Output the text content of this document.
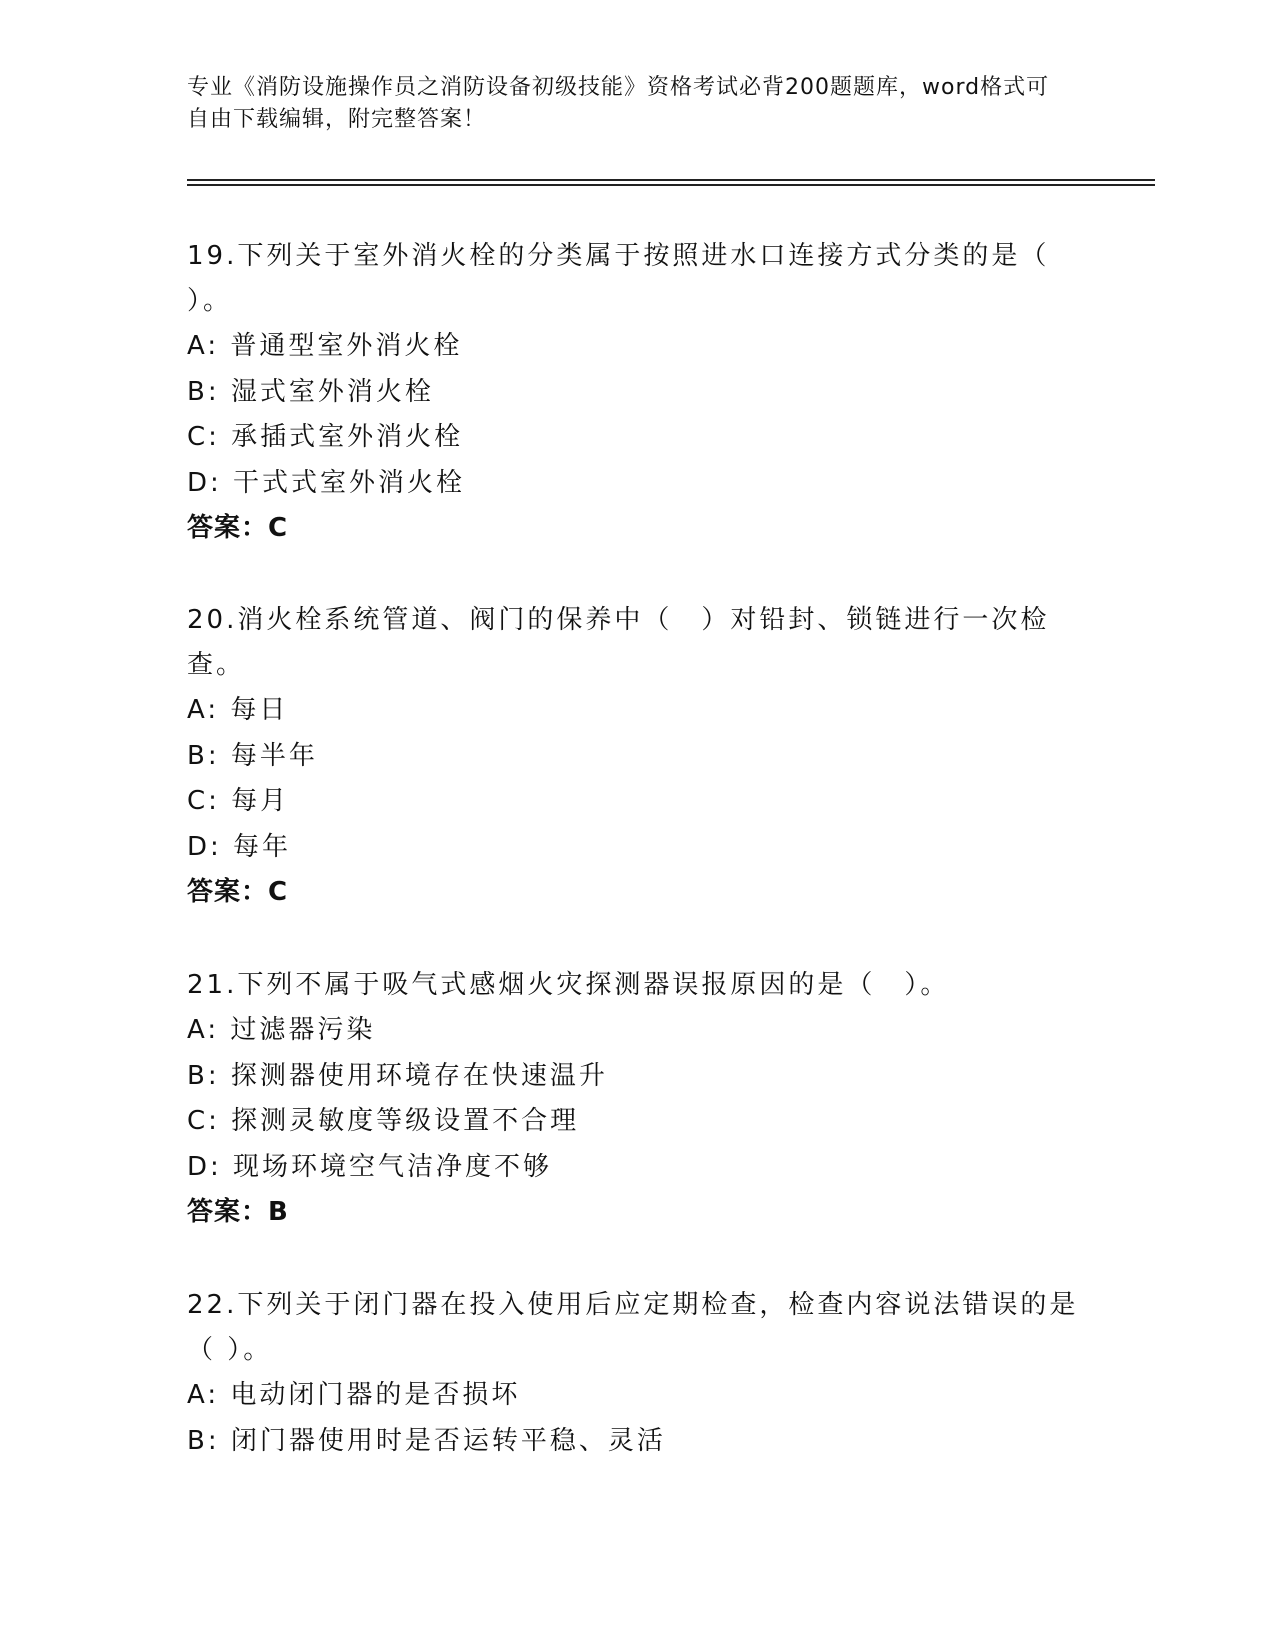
专业《消防设施操作员之消防设备初级技能》资格考试必背200题题库，word格式可自由下载编辑，附完整答案！

19.下列关于室外消火栓的分类属于按照进水口连接方式分类的是（ ）。

A: 普通型室外消火栓

B: 湿式室外消火栓

C: 承插式室外消火栓

D: 干式式室外消火栓

答案：C

20.消火栓系统管道、阀门的保养中（　）对铅封、锁链进行一次检查。

A: 每日

B: 每半年

C: 每月

D: 每年

答案：C

21.下列不属于吸气式感烟火灾探测器误报原因的是（　）。

A: 过滤器污染

B: 探测器使用环境存在快速温升

C: 探测灵敏度等级设置不合理

D: 现场环境空气洁净度不够

答案：B

22.下列关于闭门器在投入使用后应定期检查，检查内容说法错误的是（ ）。

A: 电动闭门器的是否损坏

B: 闭门器使用时是否运转平稳、灵活
